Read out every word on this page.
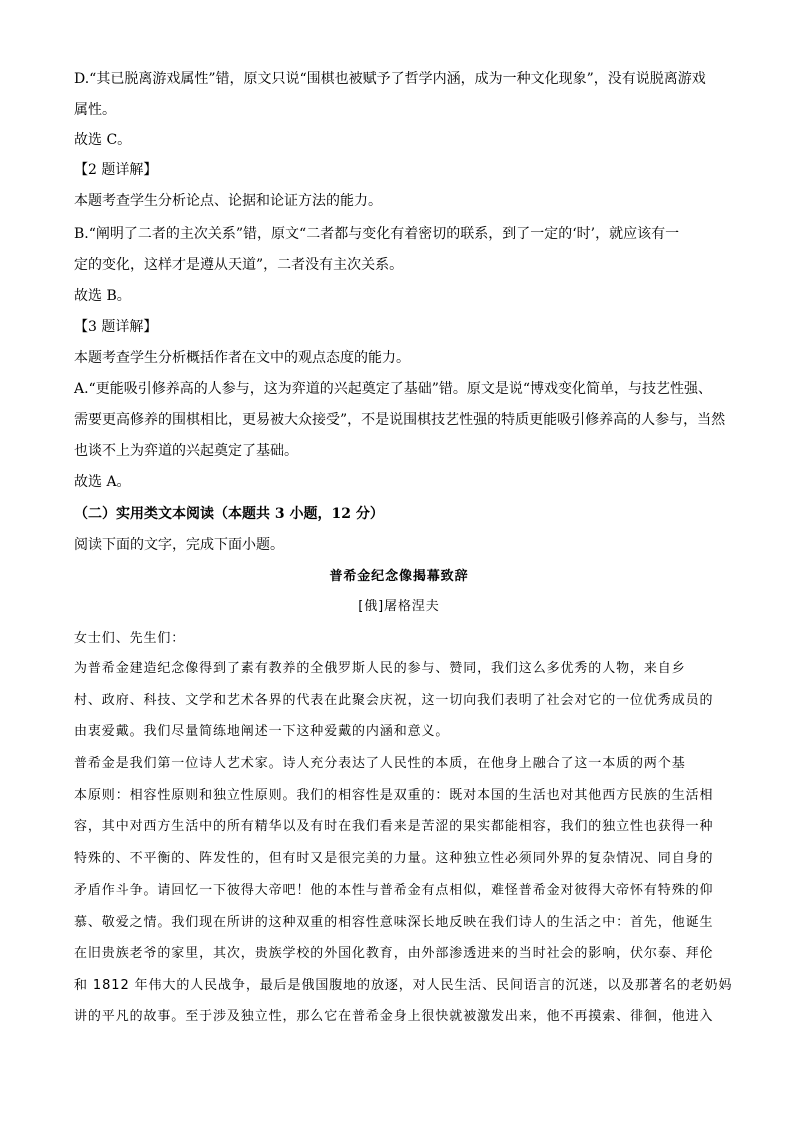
D.“其已脱离游戏属性”错，原文只说“围棋也被赋予了哲学内涵，成为一种文化现象”，没有说脱离游戏
属性。
故选 C。
【2 题详解】
本题考查学生分析论点、论据和论证方法的能力。
B.“阐明了二者的主次关系”错，原文“二者都与变化有着密切的联系，到了一定的‘时’，就应该有一
定的变化，这样才是遵从天道”，二者没有主次关系。
故选 B。
【3 题详解】
本题考查学生分析概括作者在文中的观点态度的能力。
A.“更能吸引修养高的人参与，这为弈道的兴起奠定了基础”错。原文是说“博戏变化简单，与技艺性强、
需要更高修养的围棋相比，更易被大众接受”，不是说围棋技艺性强的特质更能吸引修养高的人参与，当然
也谈不上为弈道的兴起奠定了基础。
故选 A。
（二）实用类文本阅读（本题共 3 小题，12 分）
阅读下面的文字，完成下面小题。
普希金纪念像揭幕致辞
[俄]屠格涅夫
女士们、先生们：
为普希金建造纪念像得到了素有教养的全俄罗斯人民的参与、赞同，我们这么多优秀的人物，来自乡
村、政府、科技、文学和艺术各界的代表在此聚会庆祝，这一切向我们表明了社会对它的一位优秀成员的
由衷爱戴。我们尽量简练地阐述一下这种爱戴的内涵和意义。
普希金是我们第一位诗人艺术家。诗人充分表达了人民性的本质，在他身上融合了这一本质的两个基
本原则：相容性原则和独立性原则。我们的相容性是双重的：既对本国的生活也对其他西方民族的生活相
容，其中对西方生活中的所有精华以及有时在我们看来是苦涩的果实都能相容，我们的独立性也获得一种
特殊的、不平衡的、阵发性的，但有时又是很完美的力量。这种独立性必须同外界的复杂情况、同自身的
矛盾作斗争。请回忆一下彼得大帝吧！他的本性与普希金有点相似，难怪普希金对彼得大帝怀有特殊的仰
慕、敬爱之情。我们现在所讲的这种双重的相容性意味深长地反映在我们诗人的生活之中：首先，他诞生
在旧贵族老爷的家里，其次，贵族学校的外国化教育，由外部渗透进来的当时社会的影响，伏尔泰、拜伦
和 1812 年伟大的人民战争，最后是俄国腹地的放逐，对人民生活、民间语言的沉迷，以及那著名的老奶妈
讲的平凡的故事。至于涉及独立性，那么它在普希金身上很快就被激发出来，他不再摸索、徘徊，他进入
